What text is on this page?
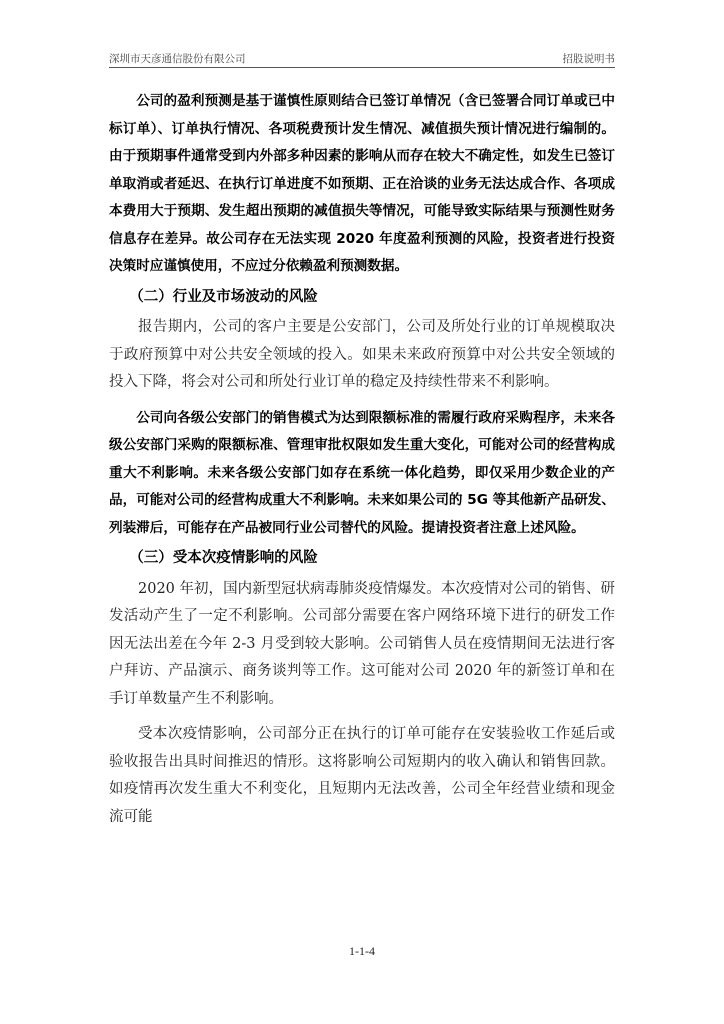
深圳市天彦通信股份有限公司	招股说明书

公司的盈利预测是基于谨慎性原则结合已签订单情况（含已签署合同订单或已中标订单）、订单执行情况、各项税费预计发生情况、减值损失预计情况进行编制的。由于预期事件通常受到内外部多种因素的影响从而存在较大不确定性，如发生已签订单取消或者延迟、在执行订单进度不如预期、正在洽谈的业务无法达成合作、各项成本费用大于预期、发生超出预期的减值损失等情况，可能导致实际结果与预测性财务信息存在差异。故公司存在无法实现 2020 年度盈利预测的风险，投资者进行投资决策时应谨慎使用，不应过分依赖盈利预测数据。

（二）行业及市场波动的风险

报告期内，公司的客户主要是公安部门，公司及所处行业的订单规模取决于政府预算中对公共安全领域的投入。如果未来政府预算中对公共安全领域的投入下降，将会对公司和所处行业订单的稳定及持续性带来不利影响。

公司向各级公安部门的销售模式为达到限额标准的需履行政府采购程序，未来各级公安部门采购的限额标准、管理审批权限如发生重大变化，可能对公司的经营构成重大不利影响。未来各级公安部门如存在系统一体化趋势，即仅采用少数企业的产品，可能对公司的经营构成重大不利影响。未来如果公司的 5G 等其他新产品研发、列装滞后，可能存在产品被同行业公司替代的风险。提请投资者注意上述风险。

（三）受本次疫情影响的风险

2020 年初，国内新型冠状病毒肺炎疫情爆发。本次疫情对公司的销售、研发活动产生了一定不利影响。公司部分需要在客户网络环境下进行的研发工作因无法出差在今年 2-3 月受到较大影响。公司销售人员在疫情期间无法进行客户拜访、产品演示、商务谈判等工作。这可能对公司 2020 年的新签订单和在手订单数量产生不利影响。

受本次疫情影响，公司部分正在执行的订单可能存在安装验收工作延后或验收报告出具时间推迟的情形。这将影响公司短期内的收入确认和销售回款。如疫情再次发生重大不利变化，且短期内无法改善，公司全年经营业绩和现金流可能

1-1-4
